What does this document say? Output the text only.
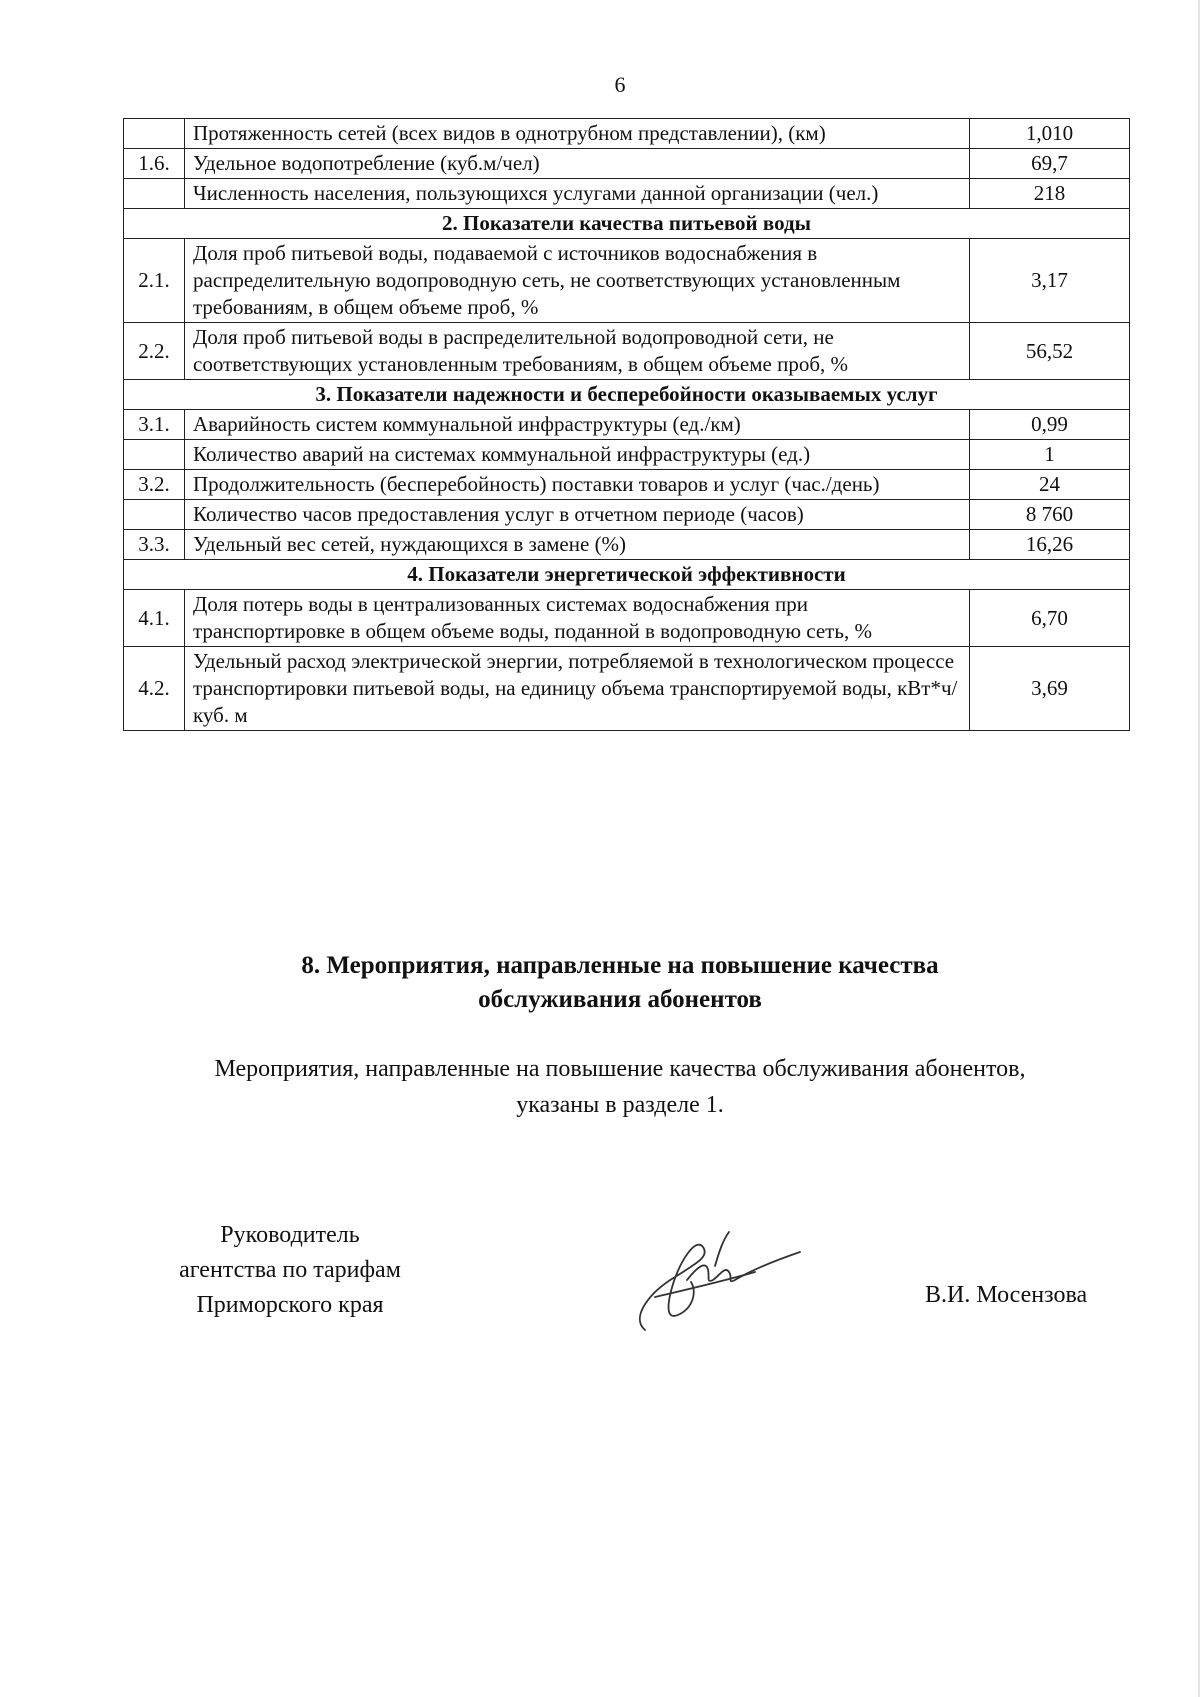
6
	Протяженность сетей (всех видов в однотрубном представлении), (км)	1,010
1.6.	Удельное водопотребление (куб.м/чел)	69,7
	Численность населения, пользующихся услугами данной организации (чел.)	218
2. Показатели качества питьевой воды		
2.1.	Доля проб питьевой воды, подаваемой с источников водоснабжения в распределительную водопроводную сеть, не соответствующих установленным требованиям, в общем объеме проб, %	3,17
2.2.	Доля проб питьевой воды в распределительной водопроводной сети, не соответствующих установленным требованиям, в общем объеме проб, %	56,52
3. Показатели надежности и бесперебойности оказываемых услуг		
3.1.	Аварийность систем коммунальной инфраструктуры (ед./км)	0,99
	Количество аварий на системах коммунальной инфраструктуры (ед.)	1
3.2.	Продолжительность (бесперебойность) поставки товаров и услуг (час./день)	24
	Количество часов предоставления услуг в отчетном периоде (часов)	8 760
3.3.	Удельный вес сетей, нуждающихся в замене (%)	16,26
4. Показатели энергетической эффективности		
4.1.	Доля потерь воды в централизованных системах водоснабжения при транспортировке в общем объеме воды, поданной в водопроводную сеть, %	6,70
4.2.	Удельный расход электрической энергии, потребляемой в технологическом процессе транспортировки питьевой воды, на единицу объема транспортируемой воды, кВт*ч/куб. м	3,69
8. Мероприятия, направленные на повышение качества
обслуживания абонентов
Мероприятия, направленные на повышение качества обслуживания абонентов,
указаны в разделе 1.
Руководитель
агентства по тарифам
Приморского края	В.И. Мосензова
